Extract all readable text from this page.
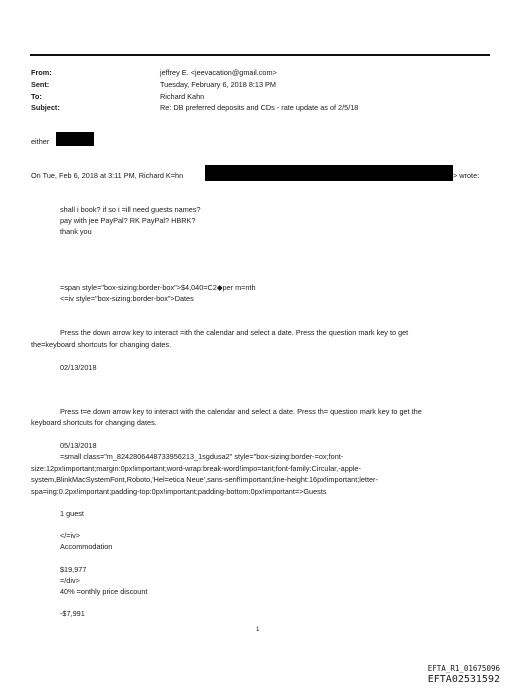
From:
Sent:
To:
Subject:
jeffrey E. <jeevacation@gmail.com>
Tuesday, February 6, 2018 8:13 PM
Richard Kahn
Re: DB preferred deposits and CDs - rate update as of 2/5/18
either
On Tue, Feb 6, 2018 at 3:11 PM, Richard K=hn	> wrote:
shall i book? if so i =ill need guests names?
pay with jee PayPal? RK PayPal? HBRK?
thank you
=span style="box-sizing:border-box">$4,040=C2◆per m=nth
<=iv style="box-sizing:border-box">Dates
Press the down arrow key to interact =ith the calendar and select a date. Press the question mark key to get
the=keyboard shortcuts for changing dates.
02/13/2018
Press t=e down arrow key to interact with the calendar and select a date. Press th= question mark key to get the
keyboard shortcuts for changing dates.
05/13/2018
=small class="m_8242806448733956213_1sgdusa2" style="box-sizing:border-=ox;font-
size:12px!important;margin:0px!important;word-wrap:break-word!impo=tant;font-family:Circular,-apple-
system,BlinkMacSystemFont,Roboto,'Hel=etica Neue',sans-serif!important;line-height:16px!important;letter-
spa=ing:0.2px!important;padding-top:0px!important;padding-bottom:0px!important=>Guests
1 guest
</=iv>
Accommodation
$19,977
=/div>
40% =onthly price discount
-$7,991
1
EFTA_R1_01675096
EFTA02531592
